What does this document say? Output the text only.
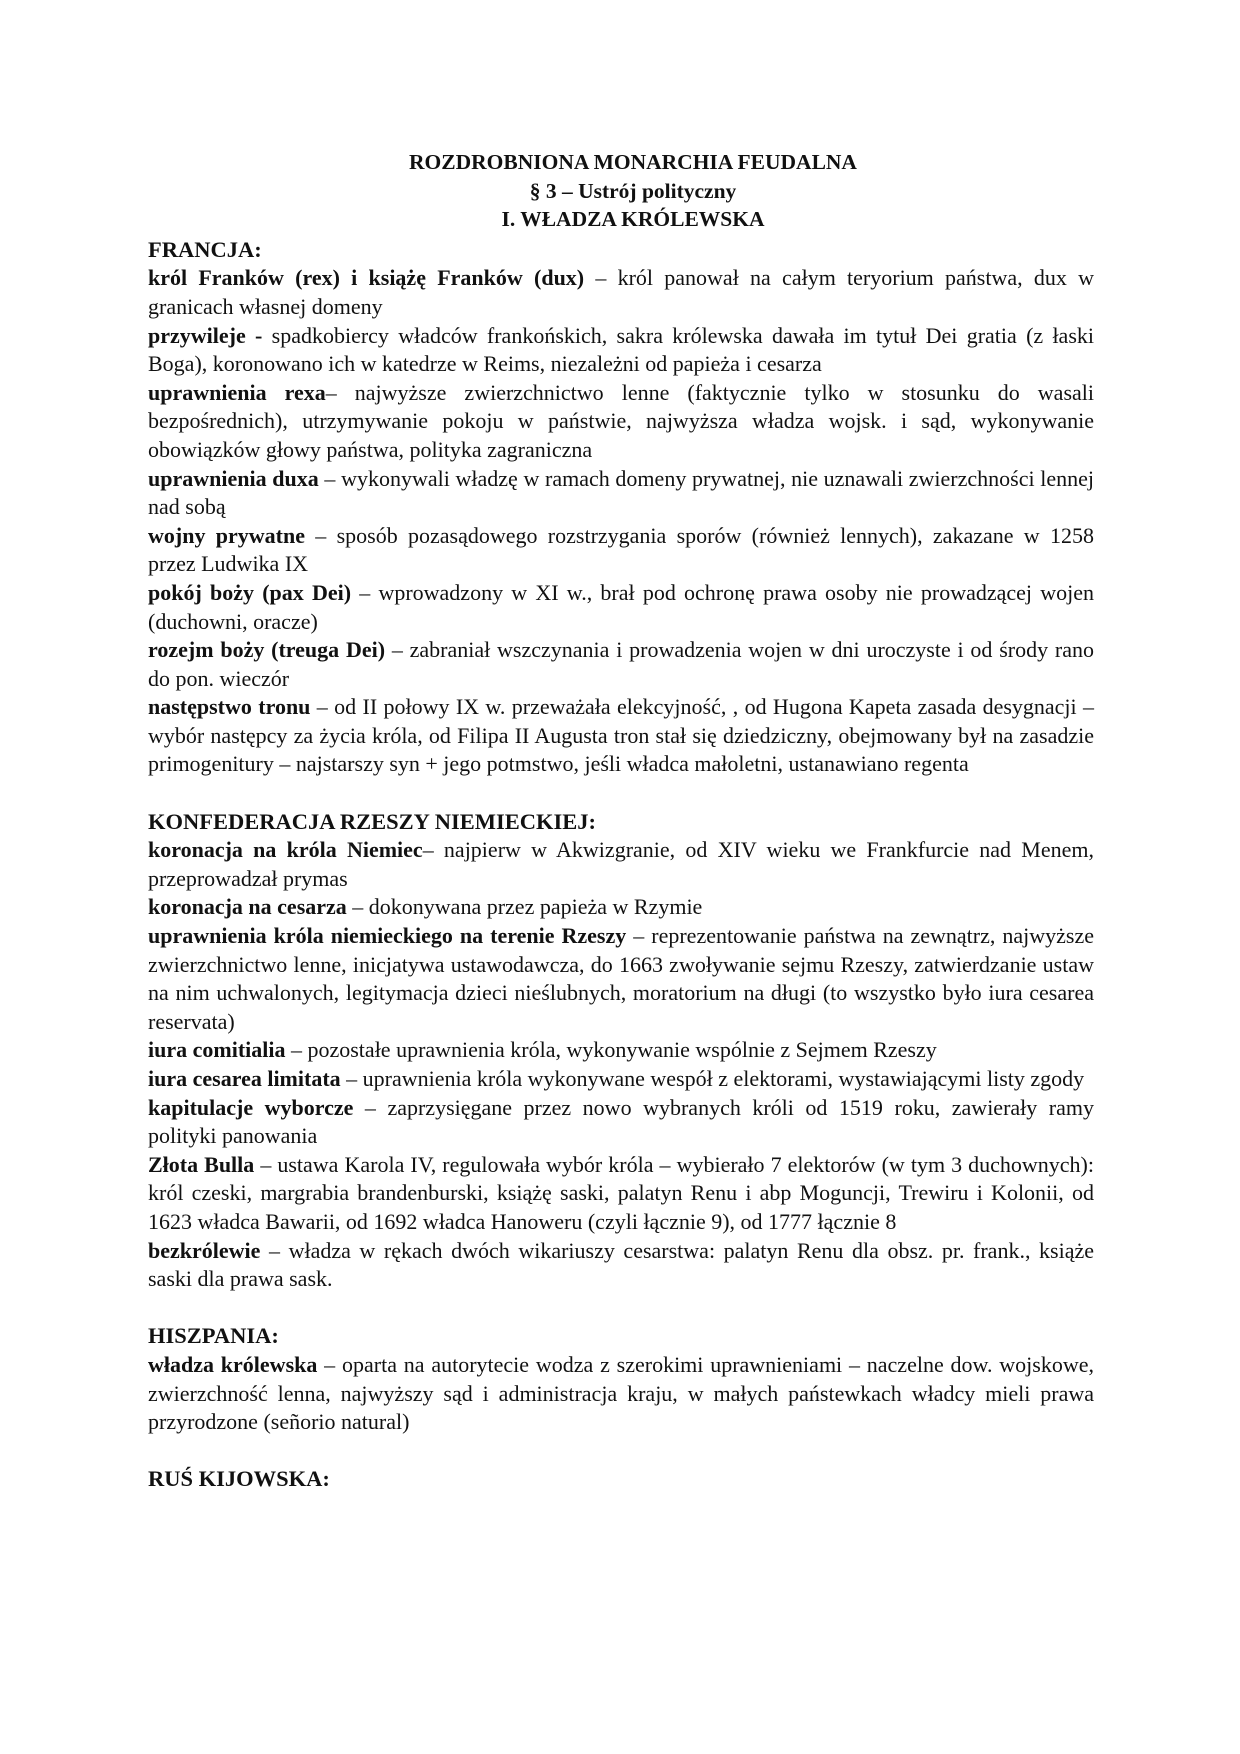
ROZDROBNIONA MONARCHIA FEUDALNA
§ 3 – Ustrój polityczny
I. WŁADZA KRÓLEWSKA
FRANCJA:

król Franków (rex) i książę Franków (dux) – król panował na całym teryorium państwa, dux w granicach własnej domeny

przywileje - spadkobiercy władców frankońskich, sakra królewska dawała im tytuł Dei gratia (z łaski Boga), koronowano ich w katedrze w Reims, niezależni od papieża i cesarza

uprawnienia rexa– najwyższe zwierzchnictwo lenne (faktycznie tylko w stosunku do wasali bezpośrednich), utrzymywanie pokoju w państwie, najwyższa władza wojsk. i sąd, wykonywanie obowiązków głowy państwa, polityka zagraniczna

uprawnienia duxa – wykonywali władzę w ramach domeny prywatnej, nie uznawali zwierzchności lennej nad sobą

wojny prywatne – sposób pozasądowego rozstrzygania sporów (również lennych), zakazane w 1258 przez Ludwika IX

pokój boży (pax Dei) – wprowadzony w XI w., brał pod ochronę prawa osoby nie prowadzącej wojen (duchowni, oracze)

rozejm boży (treuga Dei) – zabraniał wszczynania i prowadzenia wojen w dni uroczyste i od środy rano do pon. wieczór

następstwo tronu – od II połowy IX w. przeważała elekcyjność, , od Hugona Kapeta zasada desygnacji – wybór następcy za życia króla, od Filipa II Augusta tron stał się dziedziczny, obejmowany był na zasadzie primogenitury – najstarszy syn + jego potmstwo, jeśli władca małoletni, ustanawiano regenta

KONFEDERACJA RZESZY NIEMIECKIEJ:

koronacja na króla Niemiec– najpierw w Akwizgranie, od XIV wieku we Frankfurcie nad Menem, przeprowadzał prymas

koronacja na cesarza – dokonywana przez papieża w Rzymie

uprawnienia króla niemieckiego na terenie Rzeszy – reprezentowanie państwa na zewnątrz, najwyższe zwierzchnictwo lenne, inicjatywa ustawodawcza, do 1663 zwoływanie sejmu Rzeszy, zatwierdzanie ustaw na nim uchwalonych, legitymacja dzieci nieślubnych, moratorium na długi (to wszystko było iura cesarea reservata)

iura comitialia – pozostałe uprawnienia króla, wykonywanie wspólnie z Sejmem Rzeszy

iura cesarea limitata – uprawnienia króla wykonywane wespół z elektorami, wystawiającymi listy zgody

kapitulacje wyborcze – zaprzysięgane przez nowo wybranych króli od 1519 roku, zawierały ramy polityki panowania

Złota Bulla – ustawa Karola IV, regulowała wybór króla – wybierało 7 elektorów (w tym 3 duchownych): król czeski, margrabia brandenburski, książę saski, palatyn Renu i abp Moguncji, Trewiru i Kolonii, od 1623 władca Bawarii, od 1692 władca Hanoweru (czyli łącznie 9), od 1777 łącznie 8

bezkrólewie – władza w rękach dwóch wikariuszy cesarstwa: palatyn Renu dla obsz. pr. frank., książe saski dla prawa sask.

HISZPANIA:

władza królewska – oparta na autorytecie wodza z szerokimi uprawnieniami – naczelne dow. wojskowe, zwierzchność lenna, najwyższy sąd i administracja kraju, w małych państewkach władcy mieli prawa przyrodzone (señorio natural)

RUŚ KIJOWSKA:
